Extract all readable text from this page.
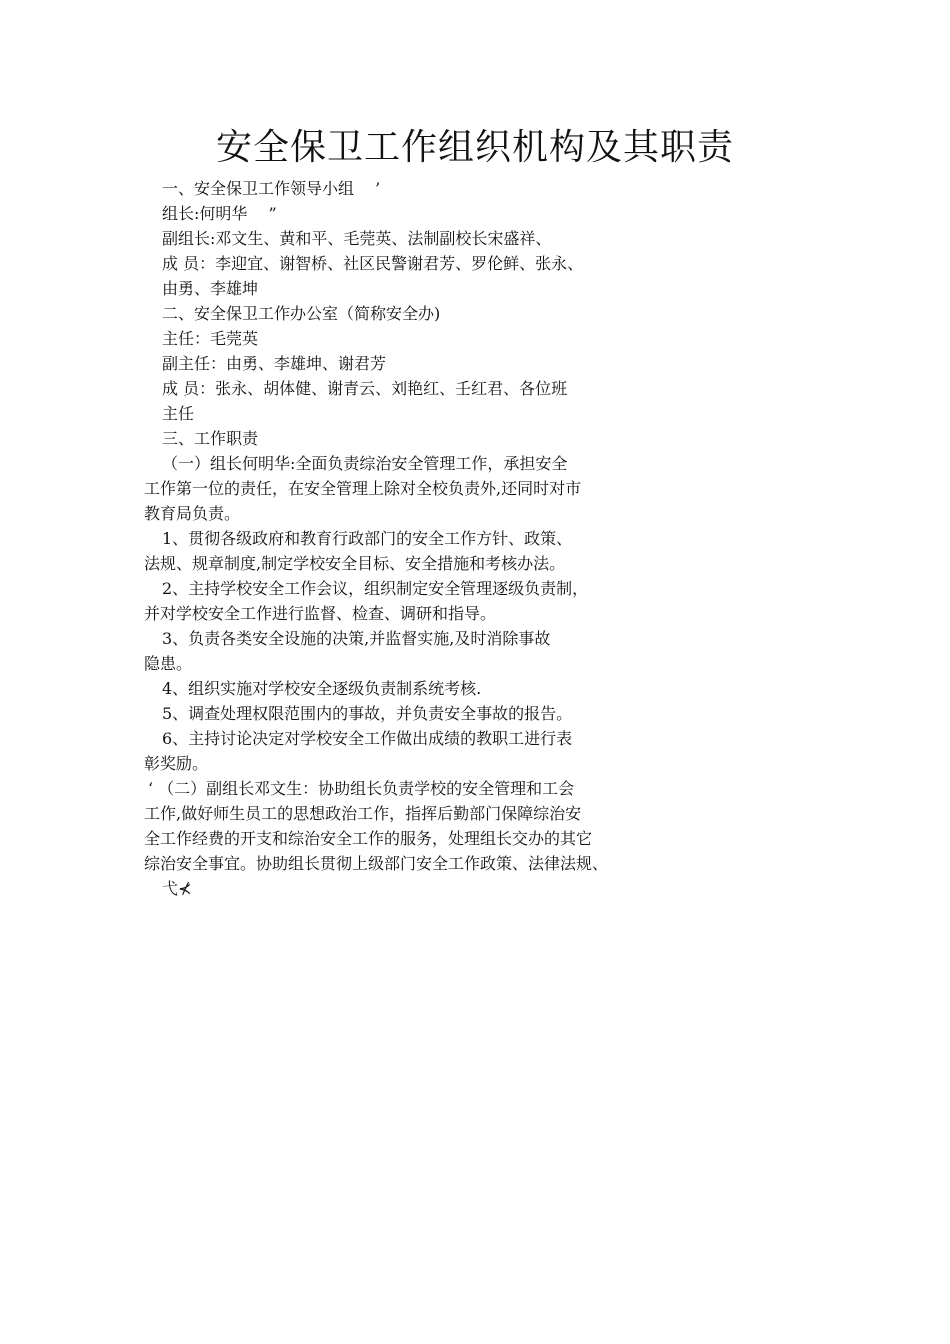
安全保卫工作组织机构及其职责
一、安全保卫工作领导小组 　’
组长:何明华 　”
副组长:邓文生、黄和平、毛莞英、法制副校长宋盛祥、
成 员：李迎宜、谢智桥、社区民警谢君芳、罗伦鲜、张永、
由勇、李雄坤
二、安全保卫工作办公室（简称安全办)
主任：毛莞英
副主任：由勇、李雄坤、谢君芳
成 员：张永、胡体健、谢青云、刘艳红、壬红君、各位班
主任
三、工作职责
（一）组长何明华:全面负责综治安全管理工作，承担安全
工作第一位的责任，在安全管理上除对全校负责外,还同时对市
教育局负责。
1、贯彻各级政府和教育行政部门的安全工作方针、政策、
法规、规章制度,制定学校安全目标、安全措施和考核办法。
2、主持学校安全工作会议，组织制定安全管理逐级负责制，
并对学校安全工作进行监督、检查、调研和指导。
3、负责各类安全设施的决策,并监督实施,及时消除事故
隐患。
4、组织实施对学校安全逐级负责制系统考核.
5、调查处理权限范围内的事故，并负责安全事故的报告。
6、主持讨论决定对学校安全工作做出成绩的教职工进行表
彰奖励。
‘ （二）副组长邓文生：协助组长负责学校的安全管理和工会
工作,做好师生员工的思想政治工作，指挥后勤部门保障综治安
全工作经费的开支和综治安全工作的服务，处理组长交办的其它
综治安全事宜。协助组长贯彻上级部门安全工作政策、法律法规、
弋⊀
